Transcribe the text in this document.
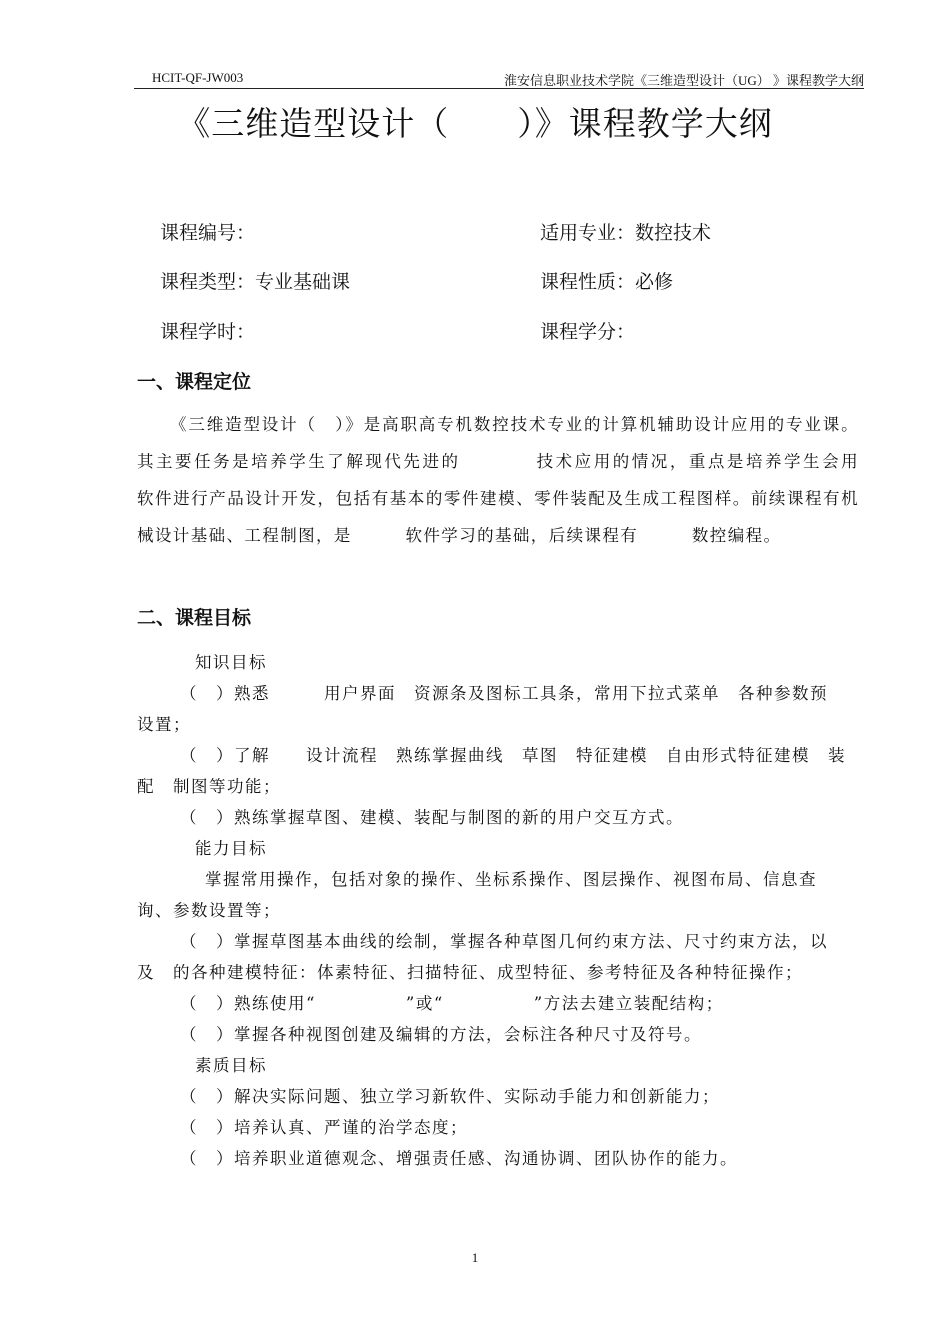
HCIT-QF-JW003	淮安信息职业技术学院《三维造型设计（UG） 》课程教学大纲
《三维造型设计（　　）》课程教学大纲
课程编号：	适用专业：数控技术
课程类型：专业基础课	课程性质：必修
课程学时：	课程学分：
一、课程定位
《三维造型设计（　）》是高职高专机数控技术专业的计算机辅助设计应用的专业课。其主要任务是培养学生了解现代先进的　　　　技术应用的情况，重点是培养学生会用　　　软件进行产品设计开发，包括有基本的零件建模、零件装配及生成工程图样。前续课程有机械设计基础、工程制图，是　　　软件学习的基础，后续课程有　　　数控编程。
二、课程目标
知识目标
（　）熟悉　　　用户界面　资源条及图标工具条，常用下拉式菜单　各种参数预
设置；
（　）了解　　设计流程　熟练掌握曲线　草图　特征建模　自由形式特征建模　装
配　制图等功能；
（　）熟练掌握草图、建模、装配与制图的新的用户交互方式。
能力目标
掌握常用操作，包括对象的操作、坐标系操作、图层操作、视图布局、信息查
询、参数设置等；
（　）掌握草图基本曲线的绘制，掌握各种草图几何约束方法、尺寸约束方法，以
及　的各种建模特征：体素特征、扫描特征、成型特征、参考特征及各种特征操作；
（　）熟练使用“　　　　　”或“　　　　　”方法去建立装配结构；
（　）掌握各种视图创建及编辑的方法，会标注各种尺寸及符号。
素质目标
（　）解决实际问题、独立学习新软件、实际动手能力和创新能力；
（　）培养认真、严谨的治学态度；
（　）培养职业道德观念、增强责任感、沟通协调、团队协作的能力。
1
